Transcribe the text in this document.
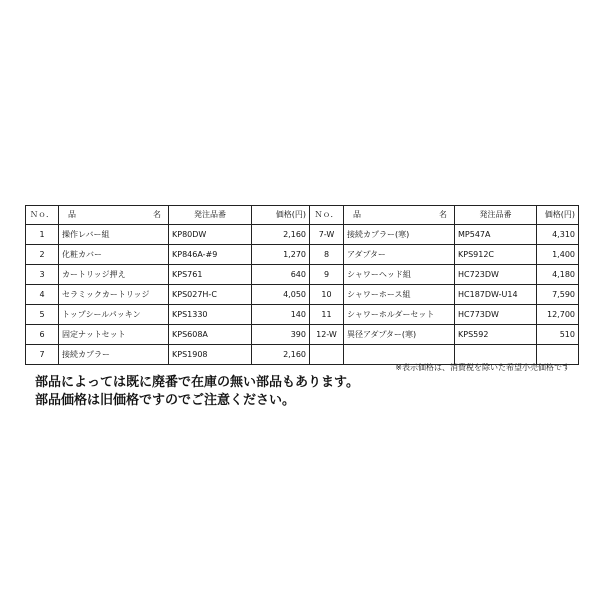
Ｎｏ．	品 名	発注品番	価格(円)	Ｎｏ．	品 名	発注品番	価格(円)
1	操作レバー組	KP80DW	2,160	7-W	接続カプラー(寒)	MP547A	4,310
2	化粧カバー	KP846A-#9	1,270	8	アダプター	KPS912C	1,400
3	カートリッジ押え	KPS761	640	9	シャワーヘッド組	HC723DW	4,180
4	セラミックカートリッジ	KPS027H-C	4,050	10	シャワーホース組	HC187DW-U14	7,590
5	トップシールパッキン	KPS1330	140	11	シャワーホルダーセット	HC773DW	12,700
6	固定ナットセット	KPS608A	390	12-W	異径アダプター(寒)	KPS592	510
7	接続カプラー	KPS1908	2,160				
※表示価格は、消費税を除いた希望小売価格です
部品によっては既に廃番で在庫の無い部品もあります。
部品価格は旧価格ですのでご注意ください。
